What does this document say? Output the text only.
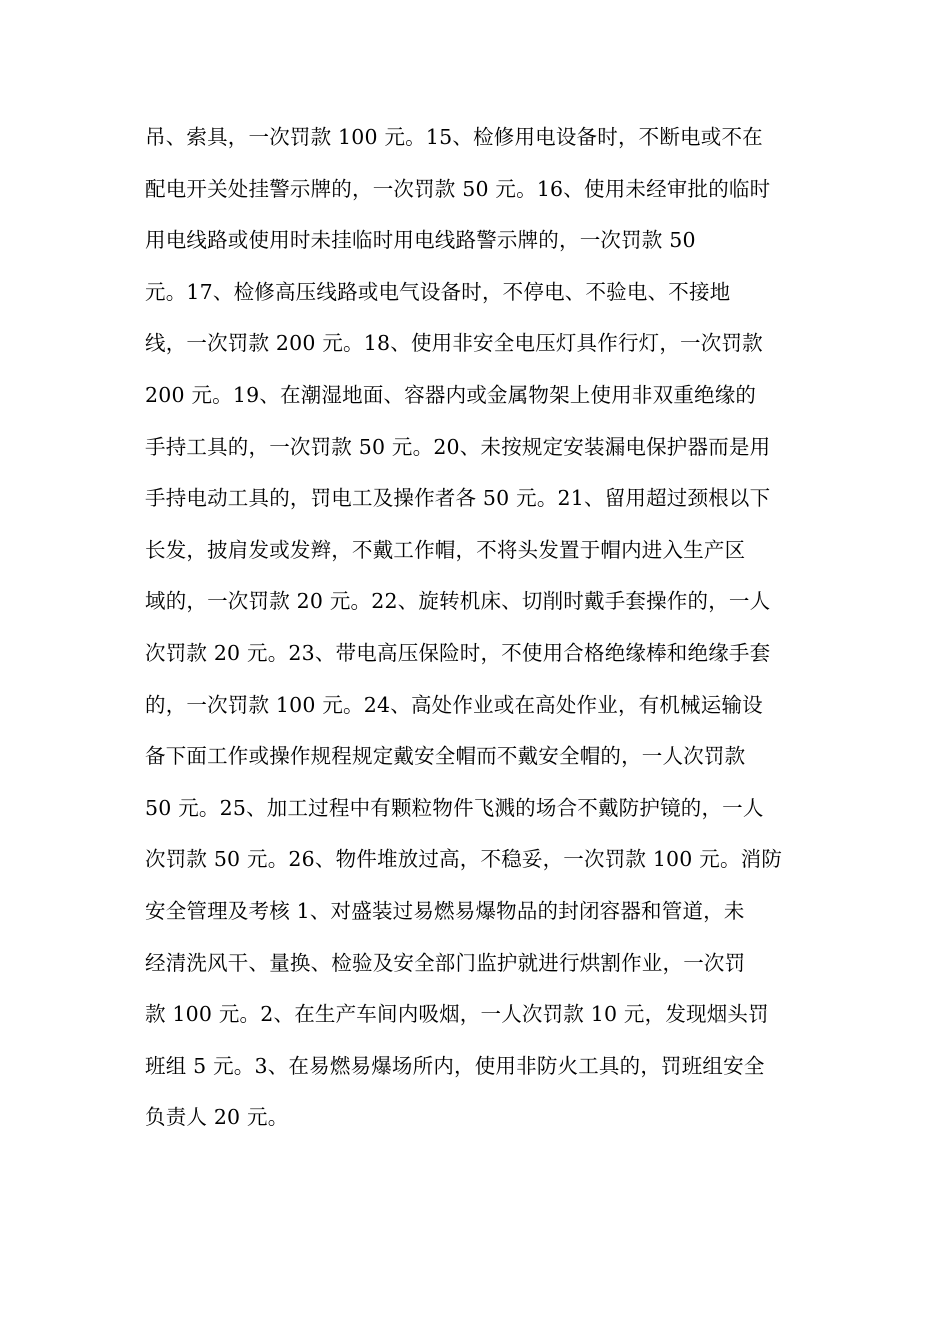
吊、索具，一次罚款 100 元。15、检修用电设备时，不断电或不在
配电开关处挂警示牌的，一次罚款 50 元。16、使用未经审批的临时
用电线路或使用时未挂临时用电线路警示牌的，一次罚款 50
元。17、检修高压线路或电气设备时，不停电、不验电、不接地
线，一次罚款 200 元。18、使用非安全电压灯具作行灯，一次罚款
200 元。19、在潮湿地面、容器内或金属物架上使用非双重绝缘的
手持工具的，一次罚款 50 元。20、未按规定安装漏电保护器而是用
手持电动工具的，罚电工及操作者各 50 元。21、留用超过颈根以下
长发，披肩发或发辫，不戴工作帽，不将头发置于帽内进入生产区
域的，一次罚款 20 元。22、旋转机床、切削时戴手套操作的，一人
次罚款 20 元。23、带电高压保险时，不使用合格绝缘棒和绝缘手套
的，一次罚款 100 元。24、高处作业或在高处作业，有机械运输设
备下面工作或操作规程规定戴安全帽而不戴安全帽的，一人次罚款
50 元。25、加工过程中有颗粒物件飞溅的场合不戴防护镜的，一人
次罚款 50 元。26、物件堆放过高，不稳妥，一次罚款 100 元。消防
安全管理及考核 1、对盛装过易燃易爆物品的封闭容器和管道，未
经清洗风干、量换、检验及安全部门监护就进行烘割作业，一次罚
款 100 元。2、在生产车间内吸烟，一人次罚款 10 元，发现烟头罚
班组 5 元。3、在易燃易爆场所内，使用非防火工具的，罚班组安全
负责人 20 元。
